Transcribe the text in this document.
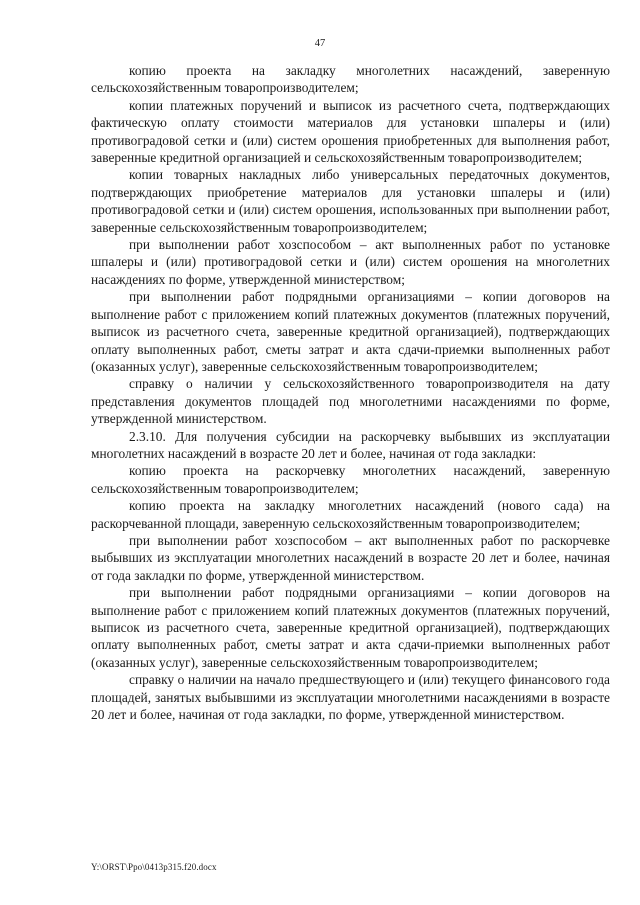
47

копию проекта на закладку многолетних насаждений, заверенную сельскохозяйственным товаропроизводителем;

копии платежных поручений и выписок из расчетного счета, подтверждающих фактическую оплату стоимости материалов для установки шпалеры и (или) противоградовой сетки и (или) систем орошения приобретенных для выполнения работ, заверенные кредитной организацией и сельскохозяйственным товаропроизводителем;

копии товарных накладных либо универсальных передаточных документов, подтверждающих приобретение материалов для установки шпалеры и (или) противоградовой сетки и (или) систем орошения, использованных при выполнении работ, заверенные сельскохозяйственным товаропроизводителем;

при выполнении работ хозспособом – акт выполненных работ по установке шпалеры и (или) противоградовой сетки и (или) систем орошения на многолетних насаждениях по форме, утвержденной министерством;

при выполнении работ подрядными организациями – копии договоров на выполнение работ с приложением копий платежных документов (платежных поручений, выписок из расчетного счета, заверенные кредитной организацией), подтверждающих оплату выполненных работ, сметы затрат и акта сдачи-приемки выполненных работ (оказанных услуг), заверенные сельскохозяйственным товаропроизводителем;

справку о наличии у сельскохозяйственного товаропроизводителя на дату представления документов площадей под многолетними насаждениями по форме, утвержденной министерством.

2.3.10. Для получения субсидии на раскорчевку выбывших из эксплуатации многолетних насаждений в возрасте 20 лет и более, начиная от года закладки:

копию проекта на раскорчевку многолетних насаждений, заверенную сельскохозяйственным товаропроизводителем;

копию проекта на закладку многолетних насаждений (нового сада) на раскорчеванной площади, заверенную сельскохозяйственным товаропроизводителем;

при выполнении работ хозспособом – акт выполненных работ по раскорчевке выбывших из эксплуатации многолетних насаждений в возрасте 20 лет и более, начиная от года закладки по форме, утвержденной министерством.

при выполнении работ подрядными организациями – копии договоров на выполнение работ с приложением копий платежных документов (платежных поручений, выписок из расчетного счета, заверенные кредитной организацией), подтверждающих оплату выполненных работ, сметы затрат и акта сдачи-приемки выполненных работ (оказанных услуг), заверенные сельскохозяйственным товаропроизводителем;

справку о наличии на начало предшествующего и (или) текущего финансового года площадей, занятых выбывшими из эксплуатации многолетними насаждениями в возрасте 20 лет и более, начиная от года закладки, по форме, утвержденной министерством.

Y:\ORST\Ppo\0413p315.f20.docx
